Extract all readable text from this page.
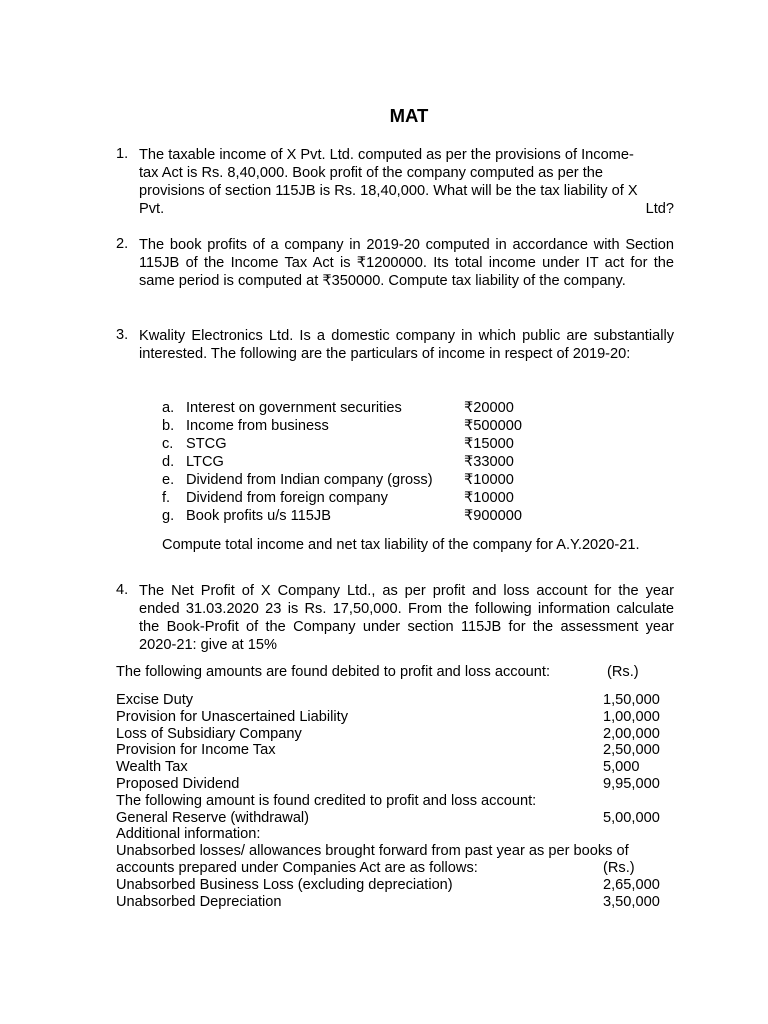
MAT
1. The taxable income of X Pvt. Ltd. computed as per the provisions of Income-
tax Act is Rs. 8,40,000. Book profit of the company computed as per the
provisions of section 115JB is Rs. 18,40,000. What will be the tax liability of X
Pvt. Ltd?
2. The book profits of a company in 2019-20 computed in accordance with Section 115JB of the Income Tax Act is ₹1200000. Its total income under IT act for the same period is computed at ₹350000. Compute tax liability of the company.
3. Kwality Electronics Ltd. Is a domestic company in which public are substantially interested. The following are the particulars of income in respect of 2019-20:
a. Interest on government securities	₹20000
b. Income from business	₹500000
c. STCG	₹15000
d. LTCG	₹33000
e. Dividend from Indian company (gross) ₹10000
f. Dividend from foreign company	₹10000
g. Book profits u/s 115JB	₹900000
Compute total income and net tax liability of the company for A.Y.2020-21.
4. The Net Profit of X Company Ltd., as per profit and loss account for the year ended 31.03.2020 23 is Rs. 17,50,000. From the following information calculate the Book-Profit of the Company under section 115JB for the assessment year 2020-21: give at 15%
The following amounts are found debited to profit and loss account:	(Rs.)
Excise Duty	1,50,000
Provision for Unascertained Liability	1,00,000
Loss of Subsidiary Company	2,00,000
Provision for Income Tax	2,50,000
Wealth Tax	5,000
Proposed Dividend	9,95,000
The following amount is found credited to profit and loss account:
General Reserve (withdrawal)	5,00,000
Additional information:
Unabsorbed losses/ allowances brought forward from past year as per books of
accounts prepared under Companies Act are as follows:	(Rs.)
Unabsorbed Business Loss (excluding depreciation)	2,65,000
Unabsorbed Depreciation	3,50,000
